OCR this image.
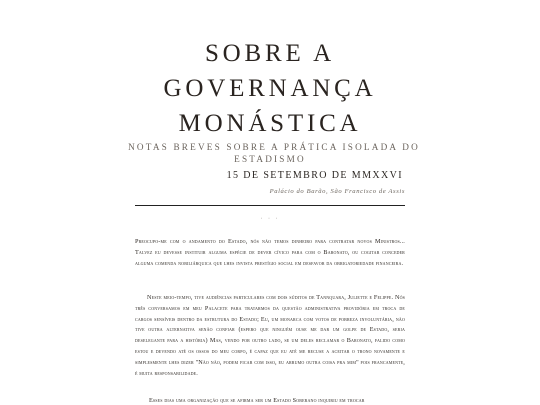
SOBRE A
GOVERNANÇA
MONÁSTICA
NOTAS BREVES SOBRE A PRÁTICA ISOLADA DO
ESTADISMO
15 DE SETEMBRO DE MMXXVI
Palácio do Barão, São Francisco de Assis
· · ·

Preocupo-me com o andamento do Estado, nós não temos dinheiro para contratar novos Ministros... Talvez eu devesse instituir alguma espécie de dever cívico para com o Baronato, ou cogitar conceder alguma comenda nobiliárquica que lhes invista prestígio social em desfavor da obrigatoriedade financeira.

Neste meio-tempo, tive audiências particulares com dois súditos de Tannquara, Juliette e Felippe. Nós três conversamos em meu Palacete para tratarmos da questão administrativa providória em troca de cargos sensíveis dentro da estrutura do Estado; Eu, um monarca com votos de pobreza involuntária, não tive outra alternativa senão confiar (espero que ninguém ouse me dar um golpe de Estado, seria deselegante para a história) Mas, vendo por outro lado, se um deles reclamar o Baronato, falido como estou e devendo até os ossos do meu corpo, é capaz que eu até me recuse a aceitar o trono novamente e simplesmente lhes dizer "Não não, podem ficar com isso, eu arrumo outra coisa pra mim" pois francamente, é muita responsabilidade.

Esses dias uma organização que se afirma ser um Estado Soberano inquiriu em trocar
